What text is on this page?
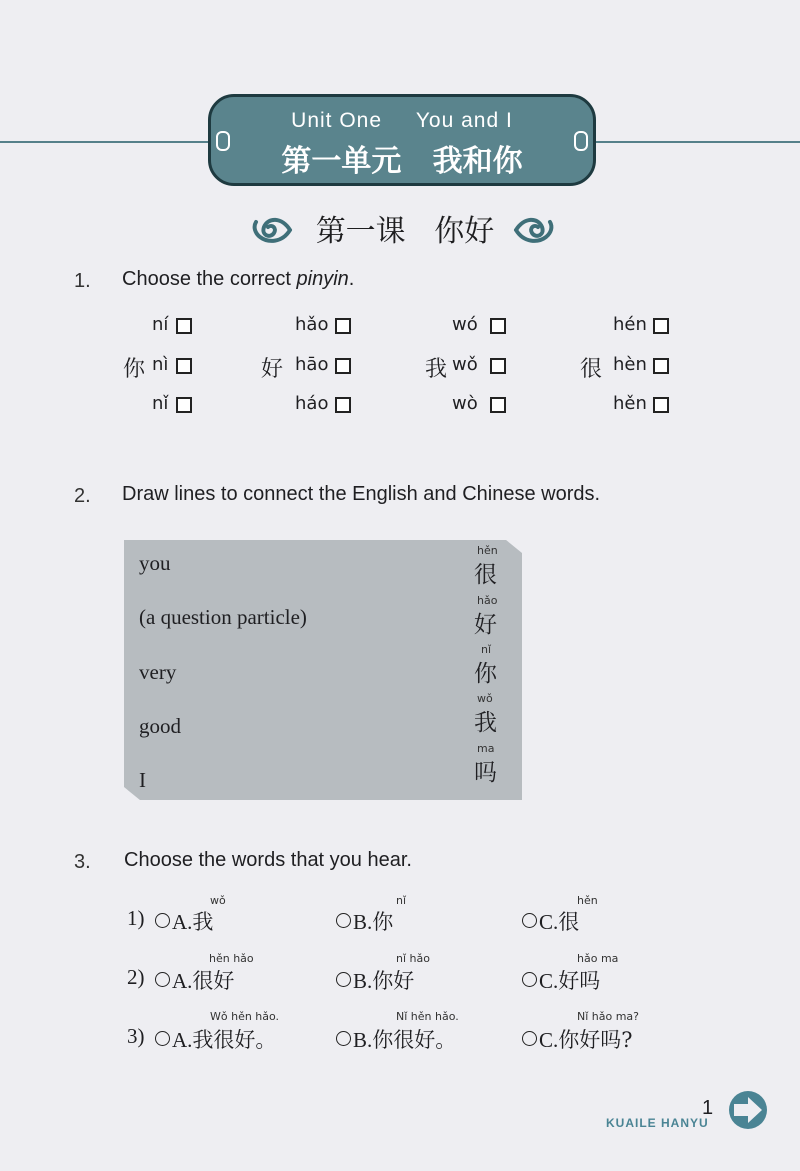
Unit One     You and I
第一单元   我和你
第一课   你好
1. Choose the correct pinyin.
你
ní
nì
nǐ
好
hǎo
hāo
háo
我
wó
wǒ
wò
很
hén
hèn
hěn
2. Draw lines to connect the English and Chinese words.
you
(a question particle)
very
good
I
hěn
很
hǎo
好
nǐ
你
wǒ
我
ma
吗
3. Choose the words that you hear.
1)
wǒ
A.我
nǐ
B.你
hěn
C.很
2)
hěn hǎo
A.很好
nǐ hǎo
B.你好
hǎo ma
C.好吗
3)
Wǒ hěn hǎo.
A.我很好。
Nǐ hěn hǎo.
B.你很好。
Nǐ hǎo ma?
C.你好吗?
1
KUAILE HANYU
